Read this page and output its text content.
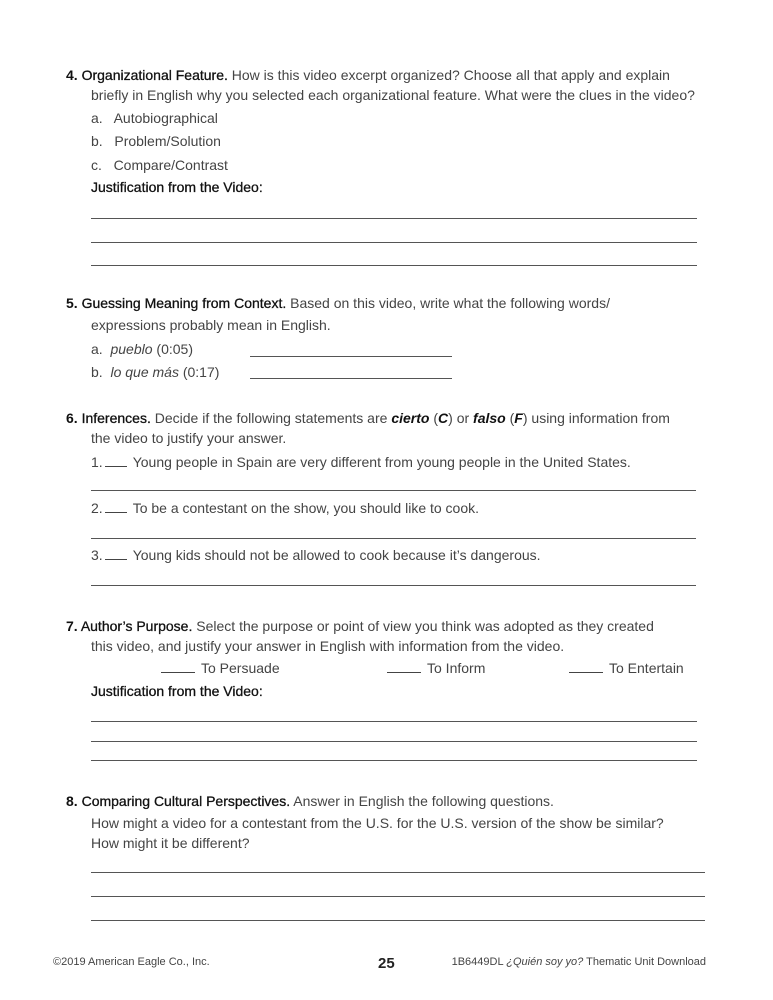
4. Organizational Feature. How is this video excerpt organized? Choose all that apply and explain
briefly in English why you selected each organizational feature. What were the clues in the video?
a. Autobiographical
b. Problem/Solution
c. Compare/Contrast
Justification from the Video:
5. Guessing Meaning from Context. Based on this video, write what the following words/
expressions probably mean in English.
a. pueblo (0:05)
b. lo que más (0:17)
6. Inferences. Decide if the following statements are cierto (C) or falso (F) using information from
the video to justify your answer.
1. Young people in Spain are very different from young people in the United States.
2. To be a contestant on the show, you should like to cook.
3. Young kids should not be allowed to cook because it’s dangerous.
7. Author’s Purpose. Select the purpose or point of view you think was adopted as they created
this video, and justify your answer in English with information from the video.
To Persuade	To Inform	To Entertain
Justification from the Video:
8. Comparing Cultural Perspectives. Answer in English the following questions.
How might a video for a contestant from the U.S. for the U.S. version of the show be similar?
How might it be different?
©2019 American Eagle Co., Inc.	25	1B6449DL ¿Quién soy yo? Thematic Unit Download
